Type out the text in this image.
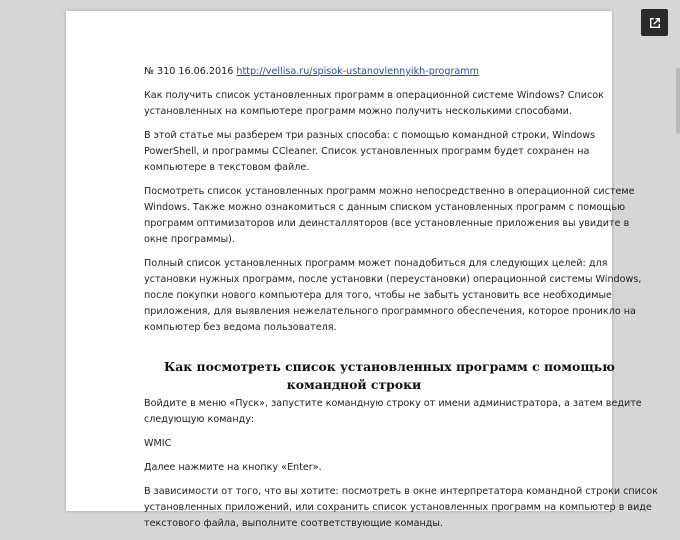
№ 310 16.06.2016 http://vellisa.ru/spisok-ustanovlennyikh-programm

Как получить список установленных программ в операционной системе Windows? Список
установленных на компьютере программ можно получить несколькими способами.

В этой статье мы разберем три разных способа: с помощью командной строки, Windows
PowerShell, и программы CCleaner. Список установленных программ будет сохранен на
компьютере в текстовом файле.

Посмотреть список установленных программ можно непосредственно в операционной системе
Windows. Также можно ознакомиться с данным списком установленных программ с помощью
программ оптимизаторов или деинсталляторов (все установленные приложения вы увидите в
окне программы).

Полный список установленных программ может понадобиться для следующих целей: для
установки нужных программ, после установки (переустановки) операционной системы Windows,
после покупки нового компьютера для того, чтобы не забыть установить все необходимые
приложения, для выявления нежелательного программного обеспечения, которое проникло на
компьютер без ведома пользователя.

Как посмотреть список установленных программ с помощью
командной строки

Войдите в меню «Пуск», запустите командную строку от имени администратора, а затем ведите
следующую команду:

WMIC

Далее нажмите на кнопку «Enter».

В зависимости от того, что вы хотите: посмотреть в окне интерпретатора командной строки список
установленных приложений, или сохранить список установленных программ на компьютер в виде
текстового файла, выполните соответствующие команды.
